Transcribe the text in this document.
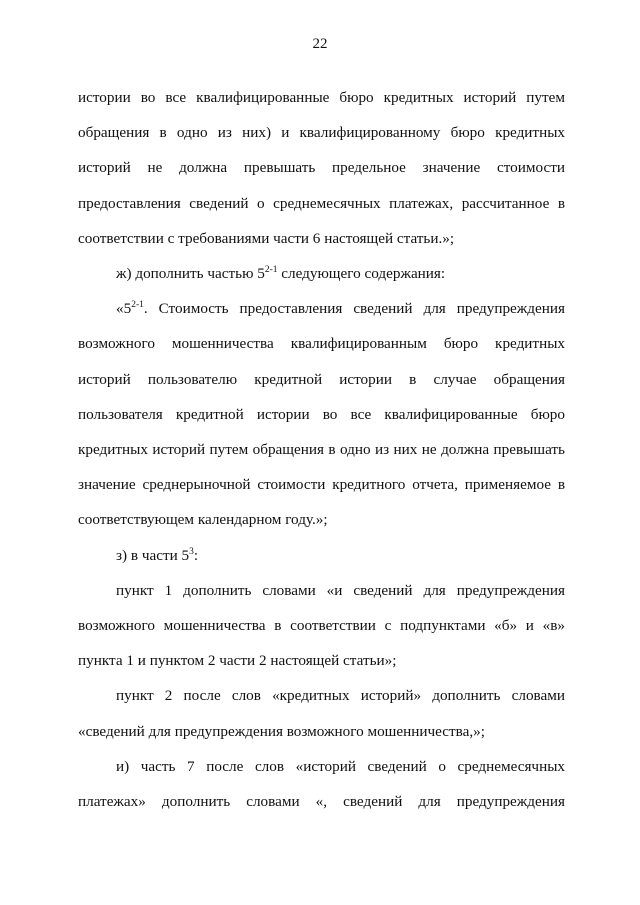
22

истории во все квалифицированные бюро кредитных историй путем обращения в одно из них) и квалифицированному бюро кредитных историй не должна превышать предельное значение стоимости предоставления сведений о среднемесячных платежах, рассчитанное в соответствии с требованиями части 6 настоящей статьи.»;

ж) дополнить частью 5$^{2-1}$ следующего содержания:

«5$^{2-1}$. Стоимость предоставления сведений для предупреждения возможного мошенничества квалифицированным бюро кредитных историй пользователю кредитной истории в случае обращения пользователя кредитной истории во все квалифицированные бюро кредитных историй путем обращения в одно из них не должна превышать значение среднерыночной стоимости кредитного отчета, применяемое в соответствующем календарном году.»;

з) в части $5^3$:

пункт 1 дополнить словами «и сведений для предупреждения возможного мошенничества в соответствии с подпунктами «б» и «в» пункта 1 и пунктом 2 части 2 настоящей статьи»;

пункт 2 после слов «кредитных историй» дополнить словами «сведений для предупреждения возможного мошенничества,»;

и) часть 7 после слов «историй сведений о среднемесячных платежах» дополнить словами «, сведений для предупреждения
